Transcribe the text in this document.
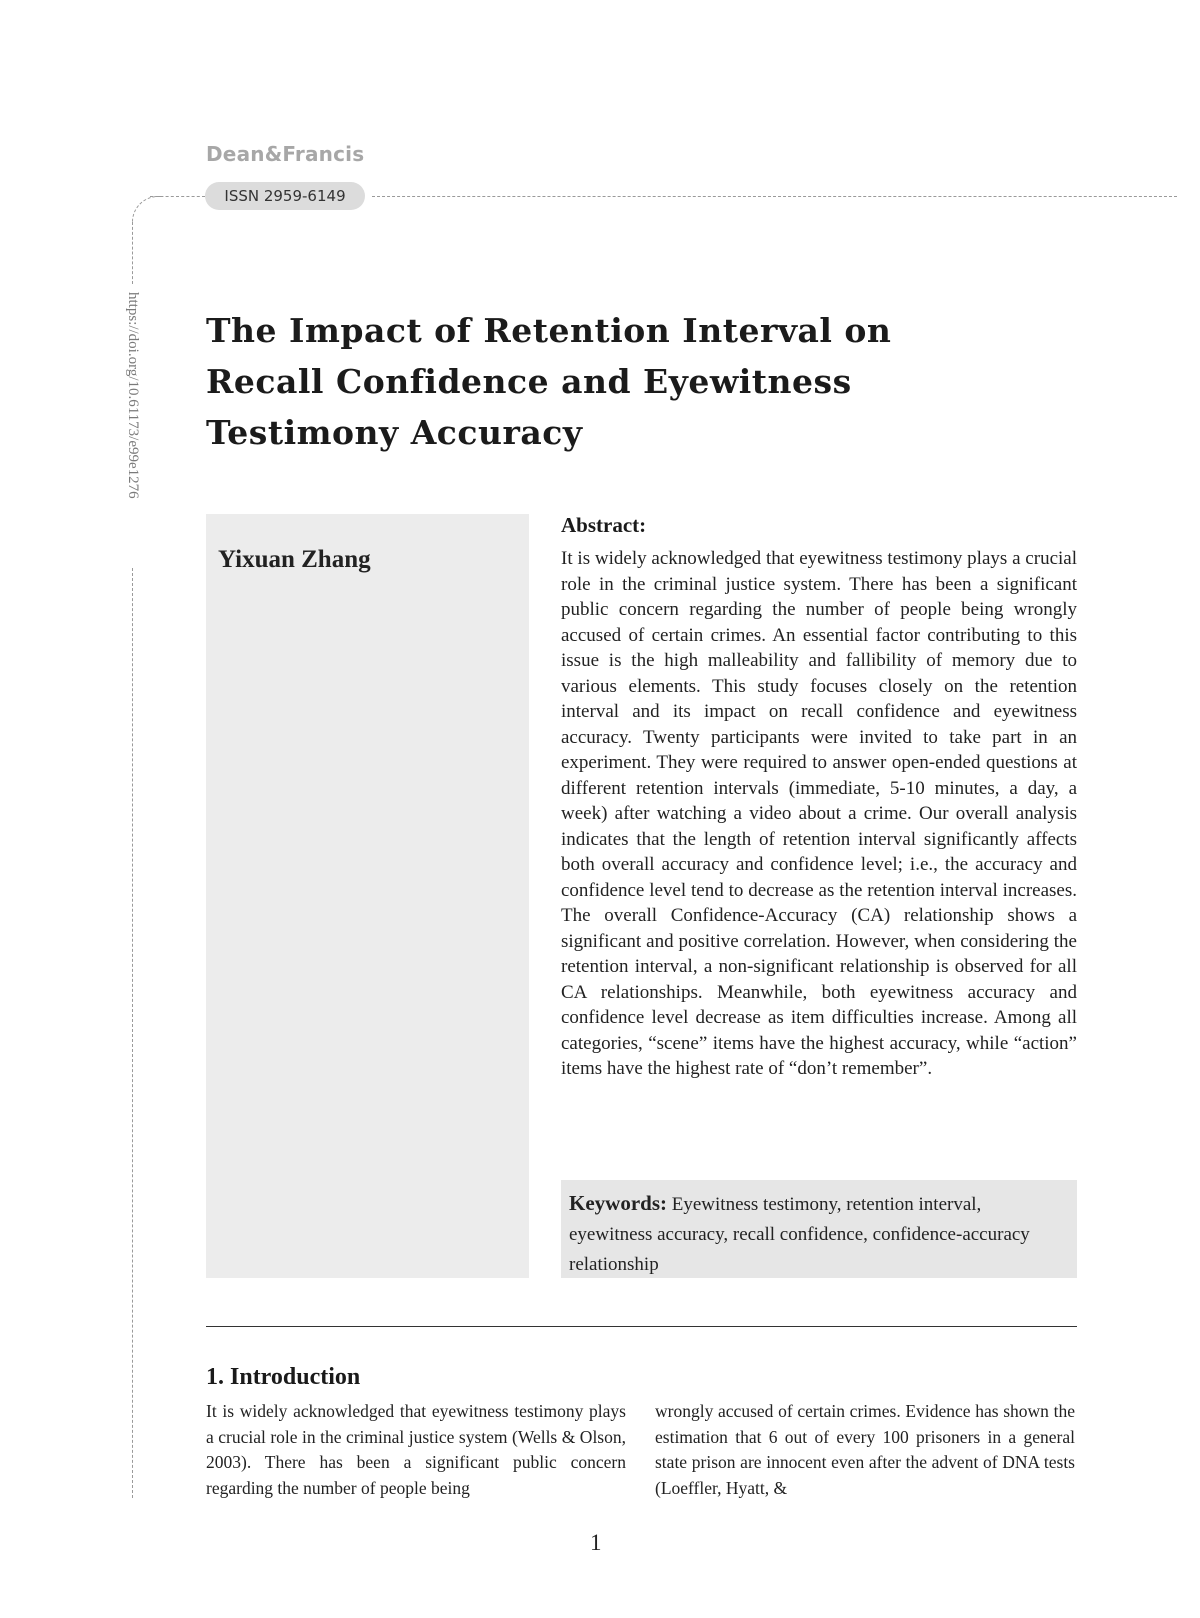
Dean&Francis
ISSN 2959-6149
https://doi.org/10.61173/e99e1276 The Impact of Retention Interval on Recall Confidence and Eyewitness Testimony Accuracy
Yixuan Zhang
Abstract:

It is widely acknowledged that eyewitness testimony plays a crucial role in the criminal justice system. There has been a significant public concern regarding the number of people being wrongly accused of certain crimes. An essential factor contributing to this issue is the high malleability and fallibility of memory due to various elements. This study focuses closely on the retention interval and its impact on recall confidence and eyewitness accuracy. Twenty participants were invited to take part in an experiment. They were required to answer open-ended questions at different retention intervals (immediate, 5-10 minutes, a day, a week) after watching a video about a crime. Our overall analysis indicates that the length of retention interval significantly affects both overall accuracy and confidence level; i.e., the accuracy and confidence level tend to decrease as the retention interval increases. The overall Confidence-Accuracy (CA) relationship shows a significant and positive correlation. However, when considering the retention interval, a non-significant relationship is observed for all CA relationships. Meanwhile, both eyewitness accuracy and confidence level decrease as item difficulties increase. Among all categories, “scene” items have the highest accuracy, while “action” items have the highest rate of “don’t remember”.

Keywords: Eyewitness testimony, retention interval, eyewitness accuracy, recall confidence, confidence-accuracy relationship

1. Introduction

It is widely acknowledged that eyewitness testimony plays a crucial role in the criminal justice system (Wells & Olson, 2003). There has been a significant public concern regarding the number of people being

wrongly accused of certain crimes. Evidence has shown the estimation that 6 out of every 100 prisoners in a general state prison are innocent even after the advent of DNA tests (Loeffler, Hyatt, &

1
